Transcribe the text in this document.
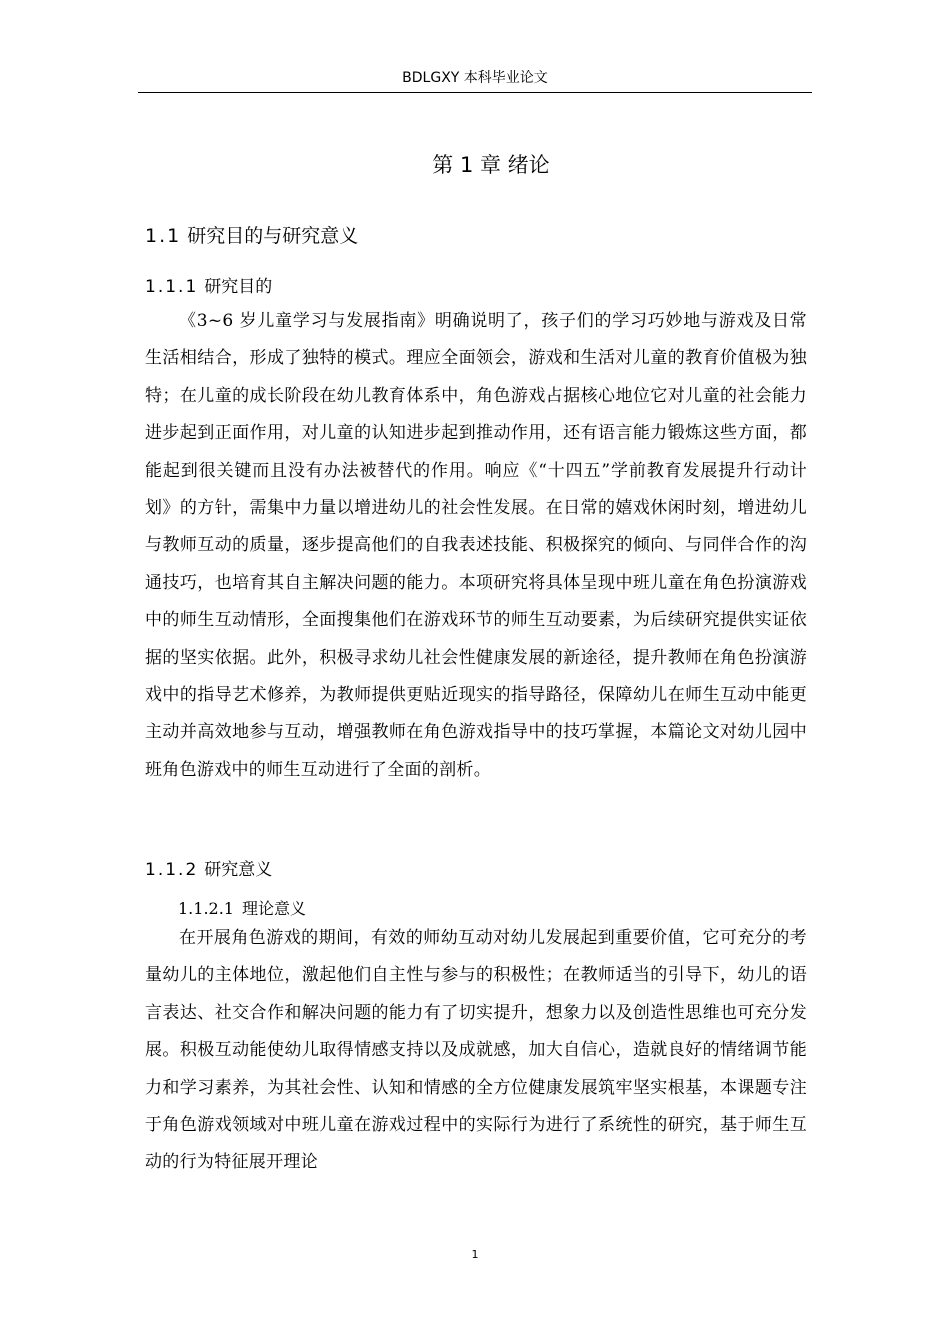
BDLGXY 本科毕业论文
第 1 章 绪论
1.1 研究目的与研究意义
1.1.1 研究目的

《3~6 岁儿童学习与发展指南》明确说明了，孩子们的学习巧妙地与游戏及日常生活相结合，形成了独特的模式。理应全面领会，游戏和生活对儿童的教育价值极为独特；在儿童的成长阶段在幼儿教育体系中，角色游戏占据核心地位它对儿童的社会能力进步起到正面作用，对儿童的认知进步起到推动作用，还有语言能力锻炼这些方面，都能起到很关键而且没有办法被替代的作用。响应《“十四五”学前教育发展提升行动计划》的方针，需集中力量以增进幼儿的社会性发展。在日常的嬉戏休闲时刻，增进幼儿与教师互动的质量，逐步提高他们的自我表述技能、积极探究的倾向、与同伴合作的沟通技巧，也培育其自主解决问题的能力。本项研究将具体呈现中班儿童在角色扮演游戏中的师生互动情形，全面搜集他们在游戏环节的师生互动要素，为后续研究提供实证依据的坚实依据。此外，积极寻求幼儿社会性健康发展的新途径，提升教师在角色扮演游戏中的指导艺术修养，为教师提供更贴近现实的指导路径，保障幼儿在师生互动中能更主动并高效地参与互动，增强教师在角色游戏指导中的技巧掌握，本篇论文对幼儿园中班角色游戏中的师生互动进行了全面的剖析。

1.1.2 研究意义
1.1.2.1 理论意义

在开展角色游戏的期间，有效的师幼互动对幼儿发展起到重要价值，它可充分的考量幼儿的主体地位，激起他们自主性与参与的积极性；在教师适当的引导下，幼儿的语言表达、社交合作和解决问题的能力有了切实提升，想象力以及创造性思维也可充分发展。积极互动能使幼儿取得情感支持以及成就感，加大自信心，造就良好的情绪调节能力和学习素养，为其社会性、认知和情感的全方位健康发展筑牢坚实根基，本课题专注于角色游戏领域对中班儿童在游戏过程中的实际行为进行了系统性的研究，基于师生互动的行为特征展开理论

1
